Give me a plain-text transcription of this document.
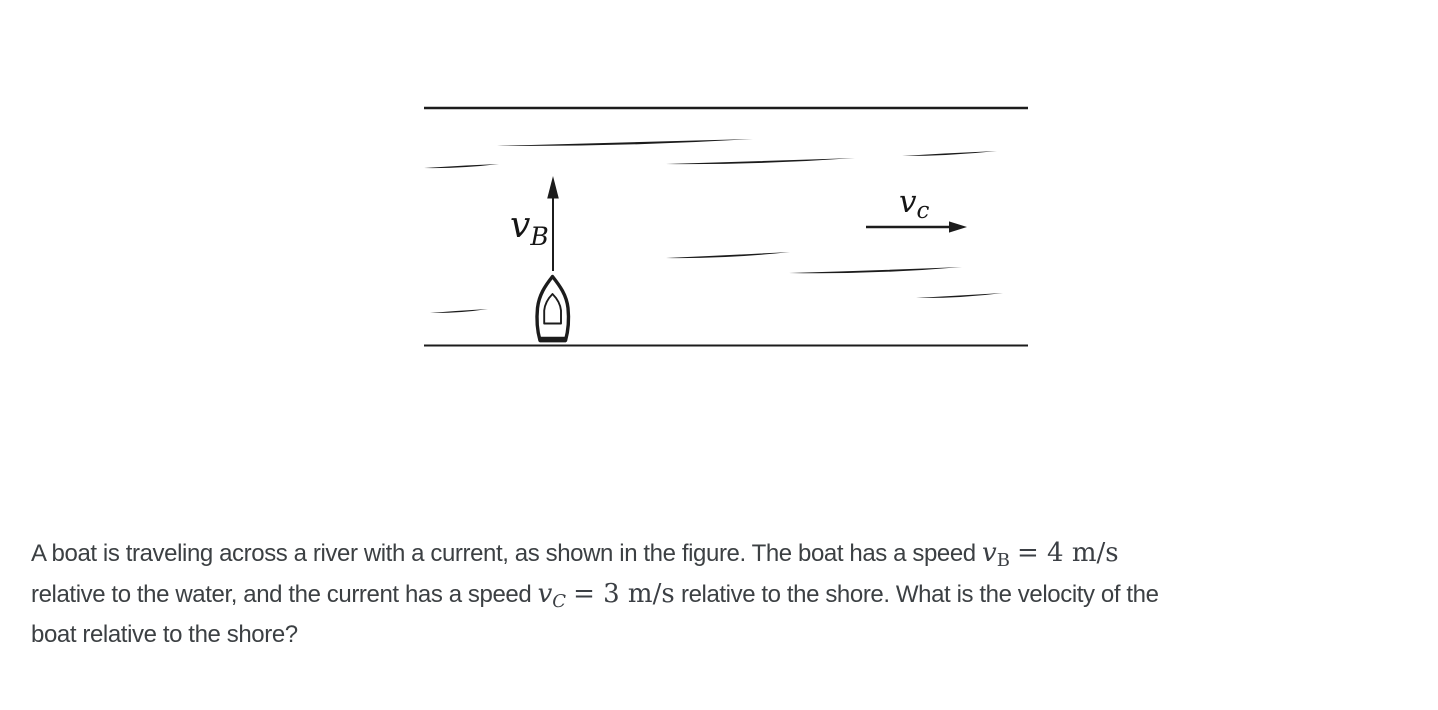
$v_B$
vc
A boat is traveling across a river with a current, as shown in the figure. The boat has a speed $v_B = 4$ m/s
relative to the water, and the current has a speed $v_C = 3$ m/s relative to the shore. What is the velocity of the
boat relative to the shore?
